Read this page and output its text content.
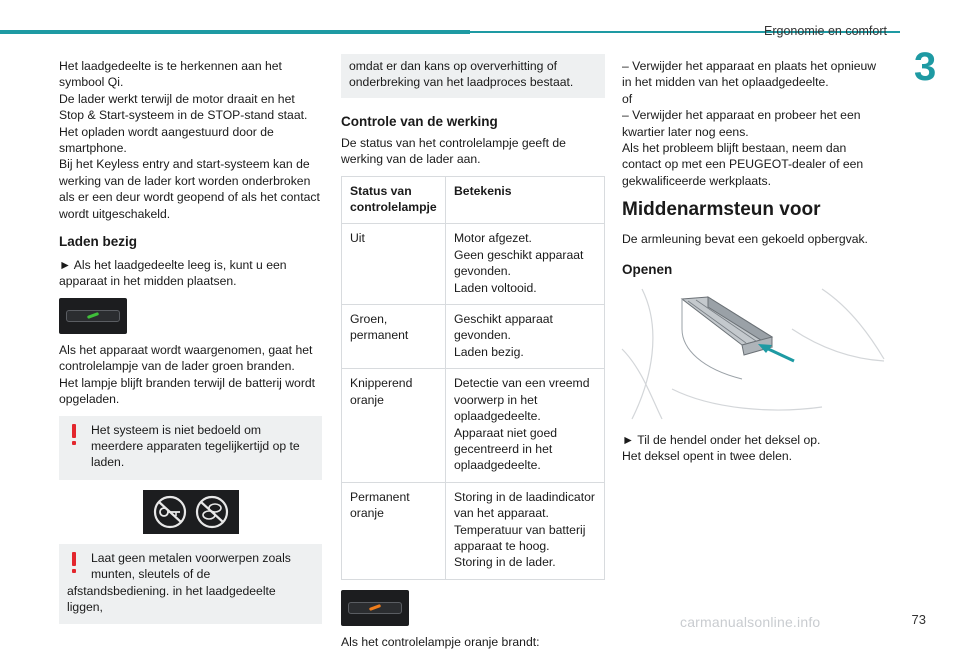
Ergonomie en comfort
3

Het laadgedeelte is te herkennen aan het symbool Qi.

De lader werkt terwijl de motor draait en het Stop & Start-systeem in de STOP-stand staat.

Het opladen wordt aangestuurd door de smartphone.

Bij het Keyless entry and start-systeem kan de werking van de lader kort worden onderbroken als er een deur wordt geopend of als het contact wordt uitgeschakeld.

Laden bezig

► Als het laadgedeelte leeg is, kunt u een apparaat in het midden plaatsen.

Als het apparaat wordt waargenomen, gaat het controlelampje van de lader groen branden.

Het lampje blijft branden terwijl de batterij wordt opgeladen.

Het systeem is niet bedoeld om
meerdere apparaten tegelijkertijd op te laden.
Laat geen metalen voorwerpen zoals
munten, sleutels of de afstandsbediening. in het laadgedeelte liggen,
omdat er dan kans op oververhitting of onderbreking van het laadproces bestaat.
Controle van de werking

De status van het controlelampje geeft de werking van de lader aan.

Status van controlelampje	Betekenis
Uit	Motor afgezet.
Geen geschikt apparaat gevonden.
Laden voltooid.

Groen, permanent	Geschikt apparaat gevonden.
Laden bezig.

Knipperend oranje	Detectie van een vreemd voorwerp in het oplaadgedeelte.
Apparaat niet goed gecentreerd in het oplaadgedeelte.

Permanent oranje	Storing in de laadindicator van het apparaat.
Temperatuur van batterij apparaat te hoog.
Storing in de lader.

Als het controlelampje oranje brandt:

– Verwijder het apparaat en plaats het opnieuw in het midden van het oplaadgedeelte.

of

– Verwijder het apparaat en probeer het een kwartier later nog eens.

Als het probleem blijft bestaan, neem dan contact op met een PEUGEOT-dealer of een gekwalificeerde werkplaats.

Middenarmsteun voor

De armleuning bevat een gekoeld opbergvak.

Openen

► Til de hendel onder het deksel op.

Het deksel opent in twee delen.

carmanualsonline.info	73
